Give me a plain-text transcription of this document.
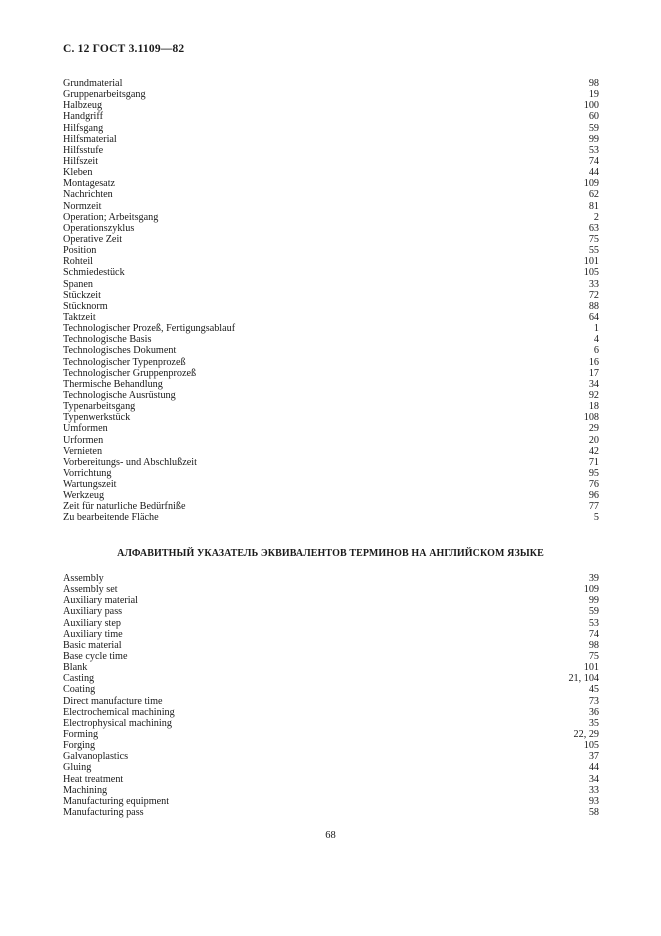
С. 12 ГОСТ 3.1109—82
Grundmaterial	98
Gruppenarbeitsgang	19
Halbzeug	100
Handgriff	60
Hilfsgang	59
Hilfsmaterial	99
Hilfsstufe	53
Hilfszeit	74
Kleben	44
Montagesatz	109
Nachrichten	62
Normzeit	81
Operation; Arbeitsgang	2
Operationszyklus	63
Operative Zeit	75
Position	55
Rohteil	101
Schmiedestück	105
Spanen	33
Stückzeit	72
Stücknorm	88
Taktzeit	64
Technologischer Prozeß, Fertigungsablauf	1
Technologische Basis	4
Technologisches Dokument	6
Technologischer Typenprozeß	16
Technologischer Gruppenprozeß	17
Thermische Behandlung	34
Technologische Ausrüstung	92
Typenarbeitsgang	18
Typenwerkstück	108
Umformen	29
Urformen	20
Vernieten	42
Vorbereitungs- und Abschlußzeit	71
Vorrichtung	95
Wartungszeit	76
Werkzeug	96
Zeit für naturliche Bedürfniße	77
Zu bearbeitende Fläche	5
АЛФАВИТНЫЙ УКАЗАТЕЛЬ ЭКВИВАЛЕНТОВ ТЕРМИНОВ НА АНГЛИЙСКОМ ЯЗЫКЕ
Assembly	39
Assembly set	109
Auxiliary material	99
Auxiliary pass	59
Auxiliary step	53
Auxiliary time	74
Basic material	98
Base cycle time	75
Blank	101
Casting	21, 104
Coating	45
Direct manufacture time	73
Electrochemical machining	36
Electrophysical machining	35
Forming	22, 29
Forging	105
Galvanoplastics	37
Gluing	44
Heat treatment	34
Machining	33
Manufacturing equipment	93
Manufacturing pass	58
68
